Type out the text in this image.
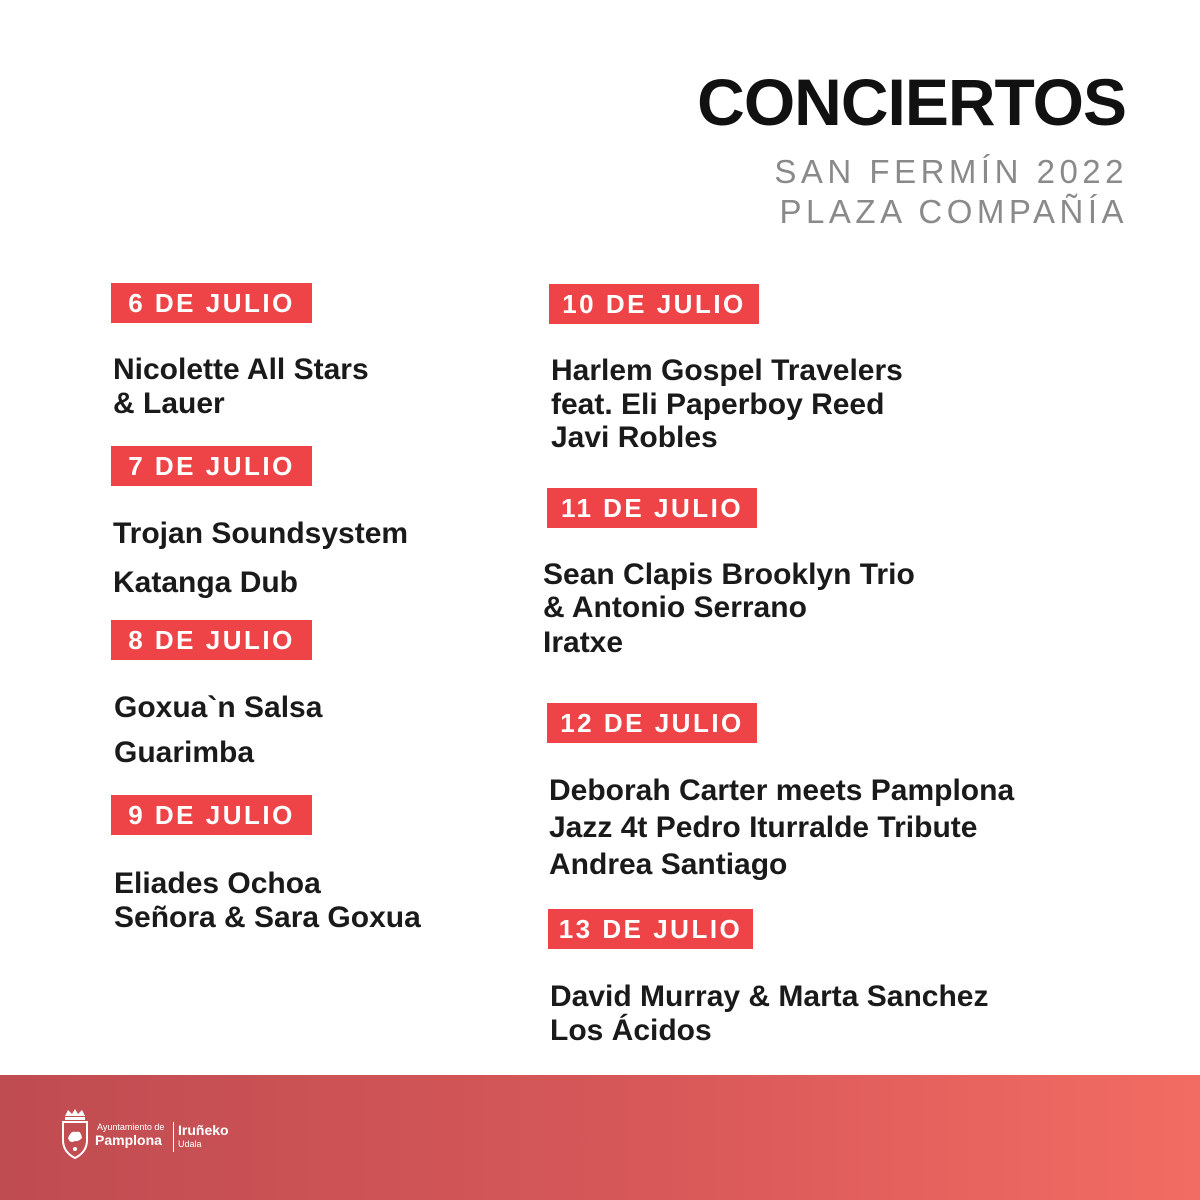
CONCIERTOS
SAN FERMÍN 2022
PLAZA COMPAÑÍA
6 DE JULIO
Nicolette All Stars
& Lauer
7 DE JULIO
Trojan Soundsystem
Katanga Dub
8 DE JULIO
Goxua`n Salsa
Guarimba
9 DE JULIO
Eliades Ochoa
Señora & Sara Goxua
10 DE JULIO
Harlem Gospel Travelers
feat. Eli Paperboy Reed
Javi Robles
11 DE JULIO
Sean Clapis Brooklyn Trio
& Antonio Serrano
Iratxe
12 DE JULIO
Deborah Carter meets Pamplona
Jazz 4t Pedro Iturralde Tribute
Andrea Santiago
13 DE JULIO
David Murray & Marta Sanchez
Los Ácidos
Ayuntamiento de
Pamplona
Iruñeko
Udala
